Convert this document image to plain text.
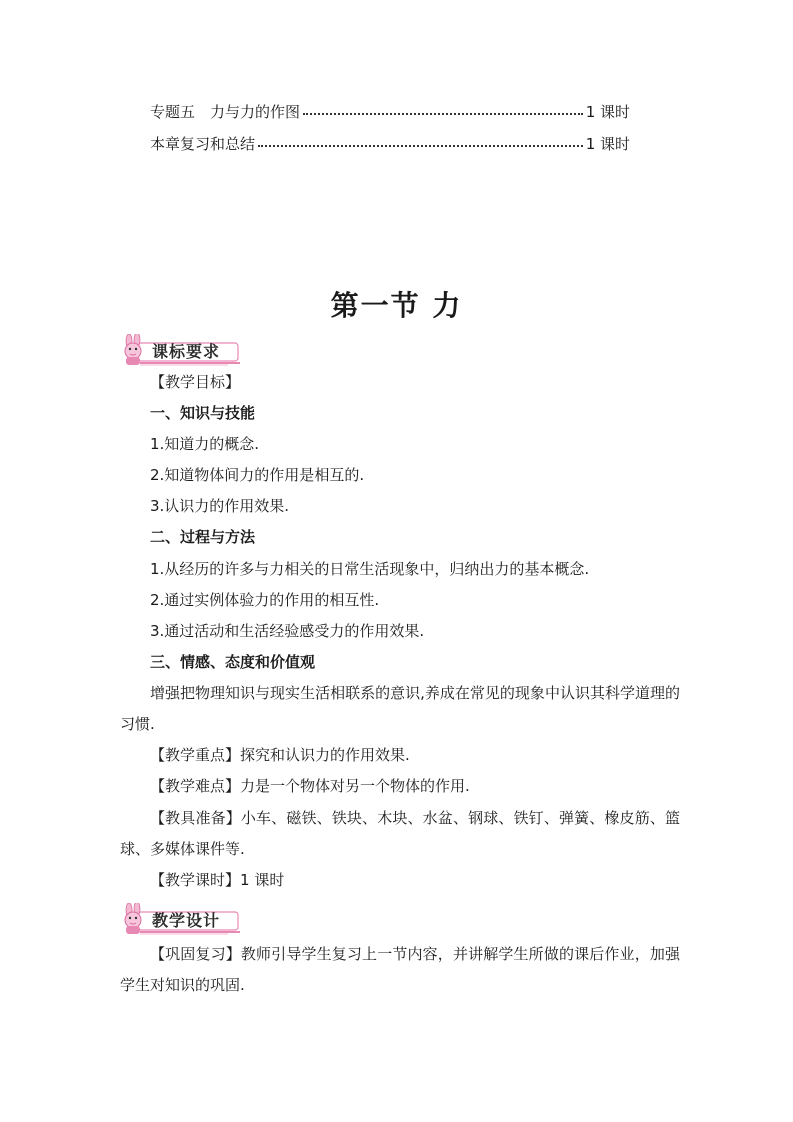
专题五　力与力的作图	1 课时
本章复习和总结	1 课时
第一节 力
课标要求
【教学目标】
一、知识与技能
1.知道力的概念.
2.知道物体间力的作用是相互的.
3.认识力的作用效果.
二、过程与方法
1.从经历的许多与力相关的日常生活现象中，归纳出力的基本概念.
2.通过实例体验力的作用的相互性.
3.通过活动和生活经验感受力的作用效果.
三、情感、态度和价值观
增强把物理知识与现实生活相联系的意识,养成在常见的现象中认识其科学道理的习惯.
【教学重点】探究和认识力的作用效果.
【教学难点】力是一个物体对另一个物体的作用.
【教具准备】小车、磁铁、铁块、木块、水盆、钢球、铁钉、弹簧、橡皮筋、篮球、多媒体课件等.
【教学课时】1 课时
教学设计
【巩固复习】教师引导学生复习上一节内容，并讲解学生所做的课后作业，加强学生对知识的巩固.
